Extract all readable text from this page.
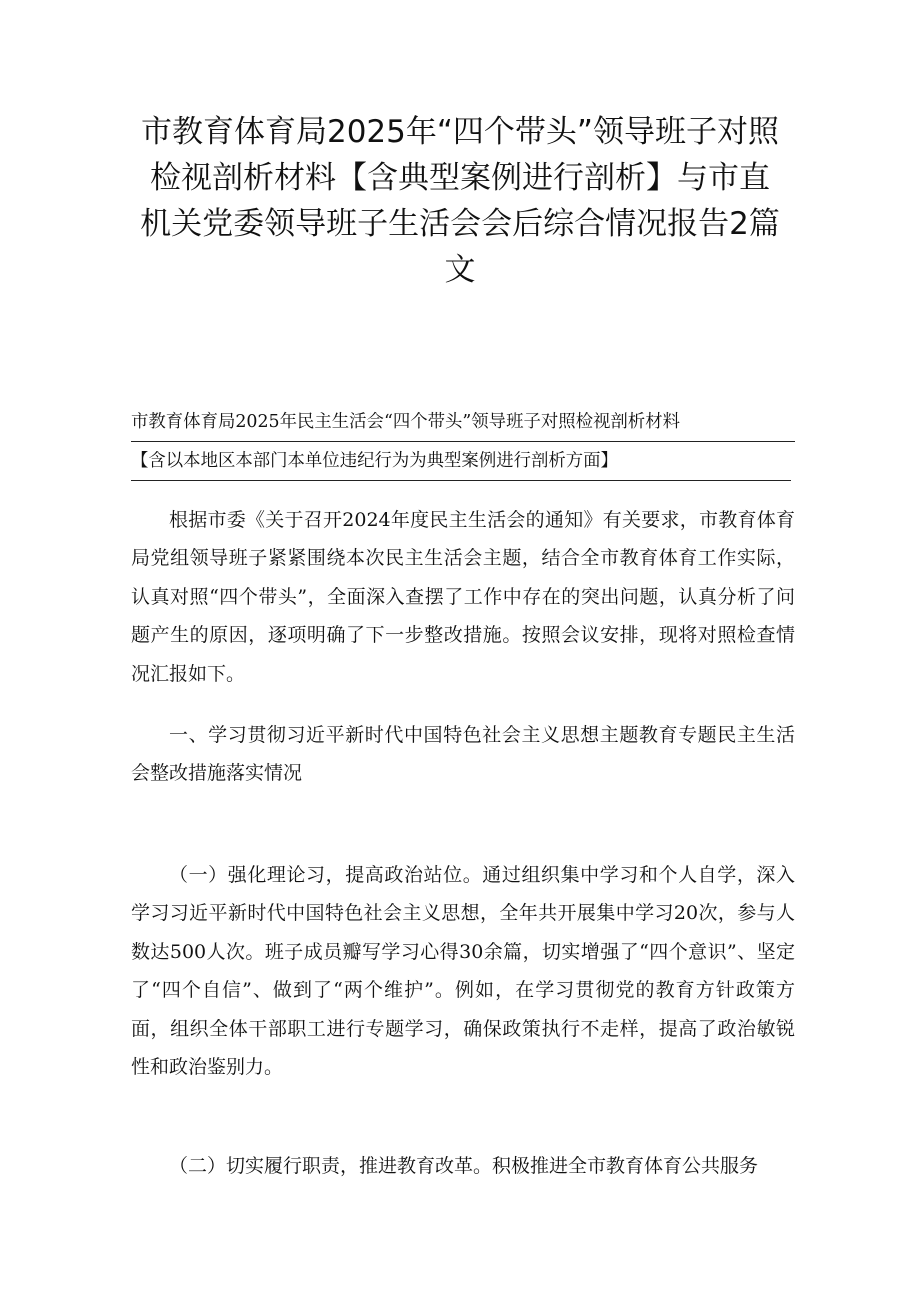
市教育体育局2025年“四个带头”领导班子对照检视剖析材料【含典型案例进行剖析】与市直机关党委领导班子生活会会后综合情况报告2篇文
市教育体育局2025年民主生活会“四个带头”领导班子对照检视剖析材料
【含以本地区本部门本单位违纪行为为典型案例进行剖析方面】

根据市委《关于召开2024年度民主生活会的通知》有关要求，市教育体育局党组领导班子紧紧围绕本次民主生活会主题，结合全市教育体育工作实际，认真对照“四个带头”，全面深入查摆了工作中存在的突出问题，认真分析了问题产生的原因，逐项明确了下一步整改措施。按照会议安排，现将对照检查情况汇报如下。

一、学习贯彻习近平新时代中国特色社会主义思想主题教育专题民主生活会整改措施落实情况

（一）强化理论习，提高政治站位。通过组织集中学习和个人自学，深入学习习近平新时代中国特色社会主义思想，全年共开展集中学习20次，参与人数达500人次。班子成员瓣写学习心得30余篇，切实增强了“四个意识”、坚定了“四个自信”、做到了“两个维护”。例如，在学习贯彻党的教育方针政策方面，组织全体干部职工进行专题学习，确保政策执行不走样，提高了政治敏锐性和政治鉴别力。

（二）切实履行职责，推进教育改革。积极推进全市教育体育公共服务
